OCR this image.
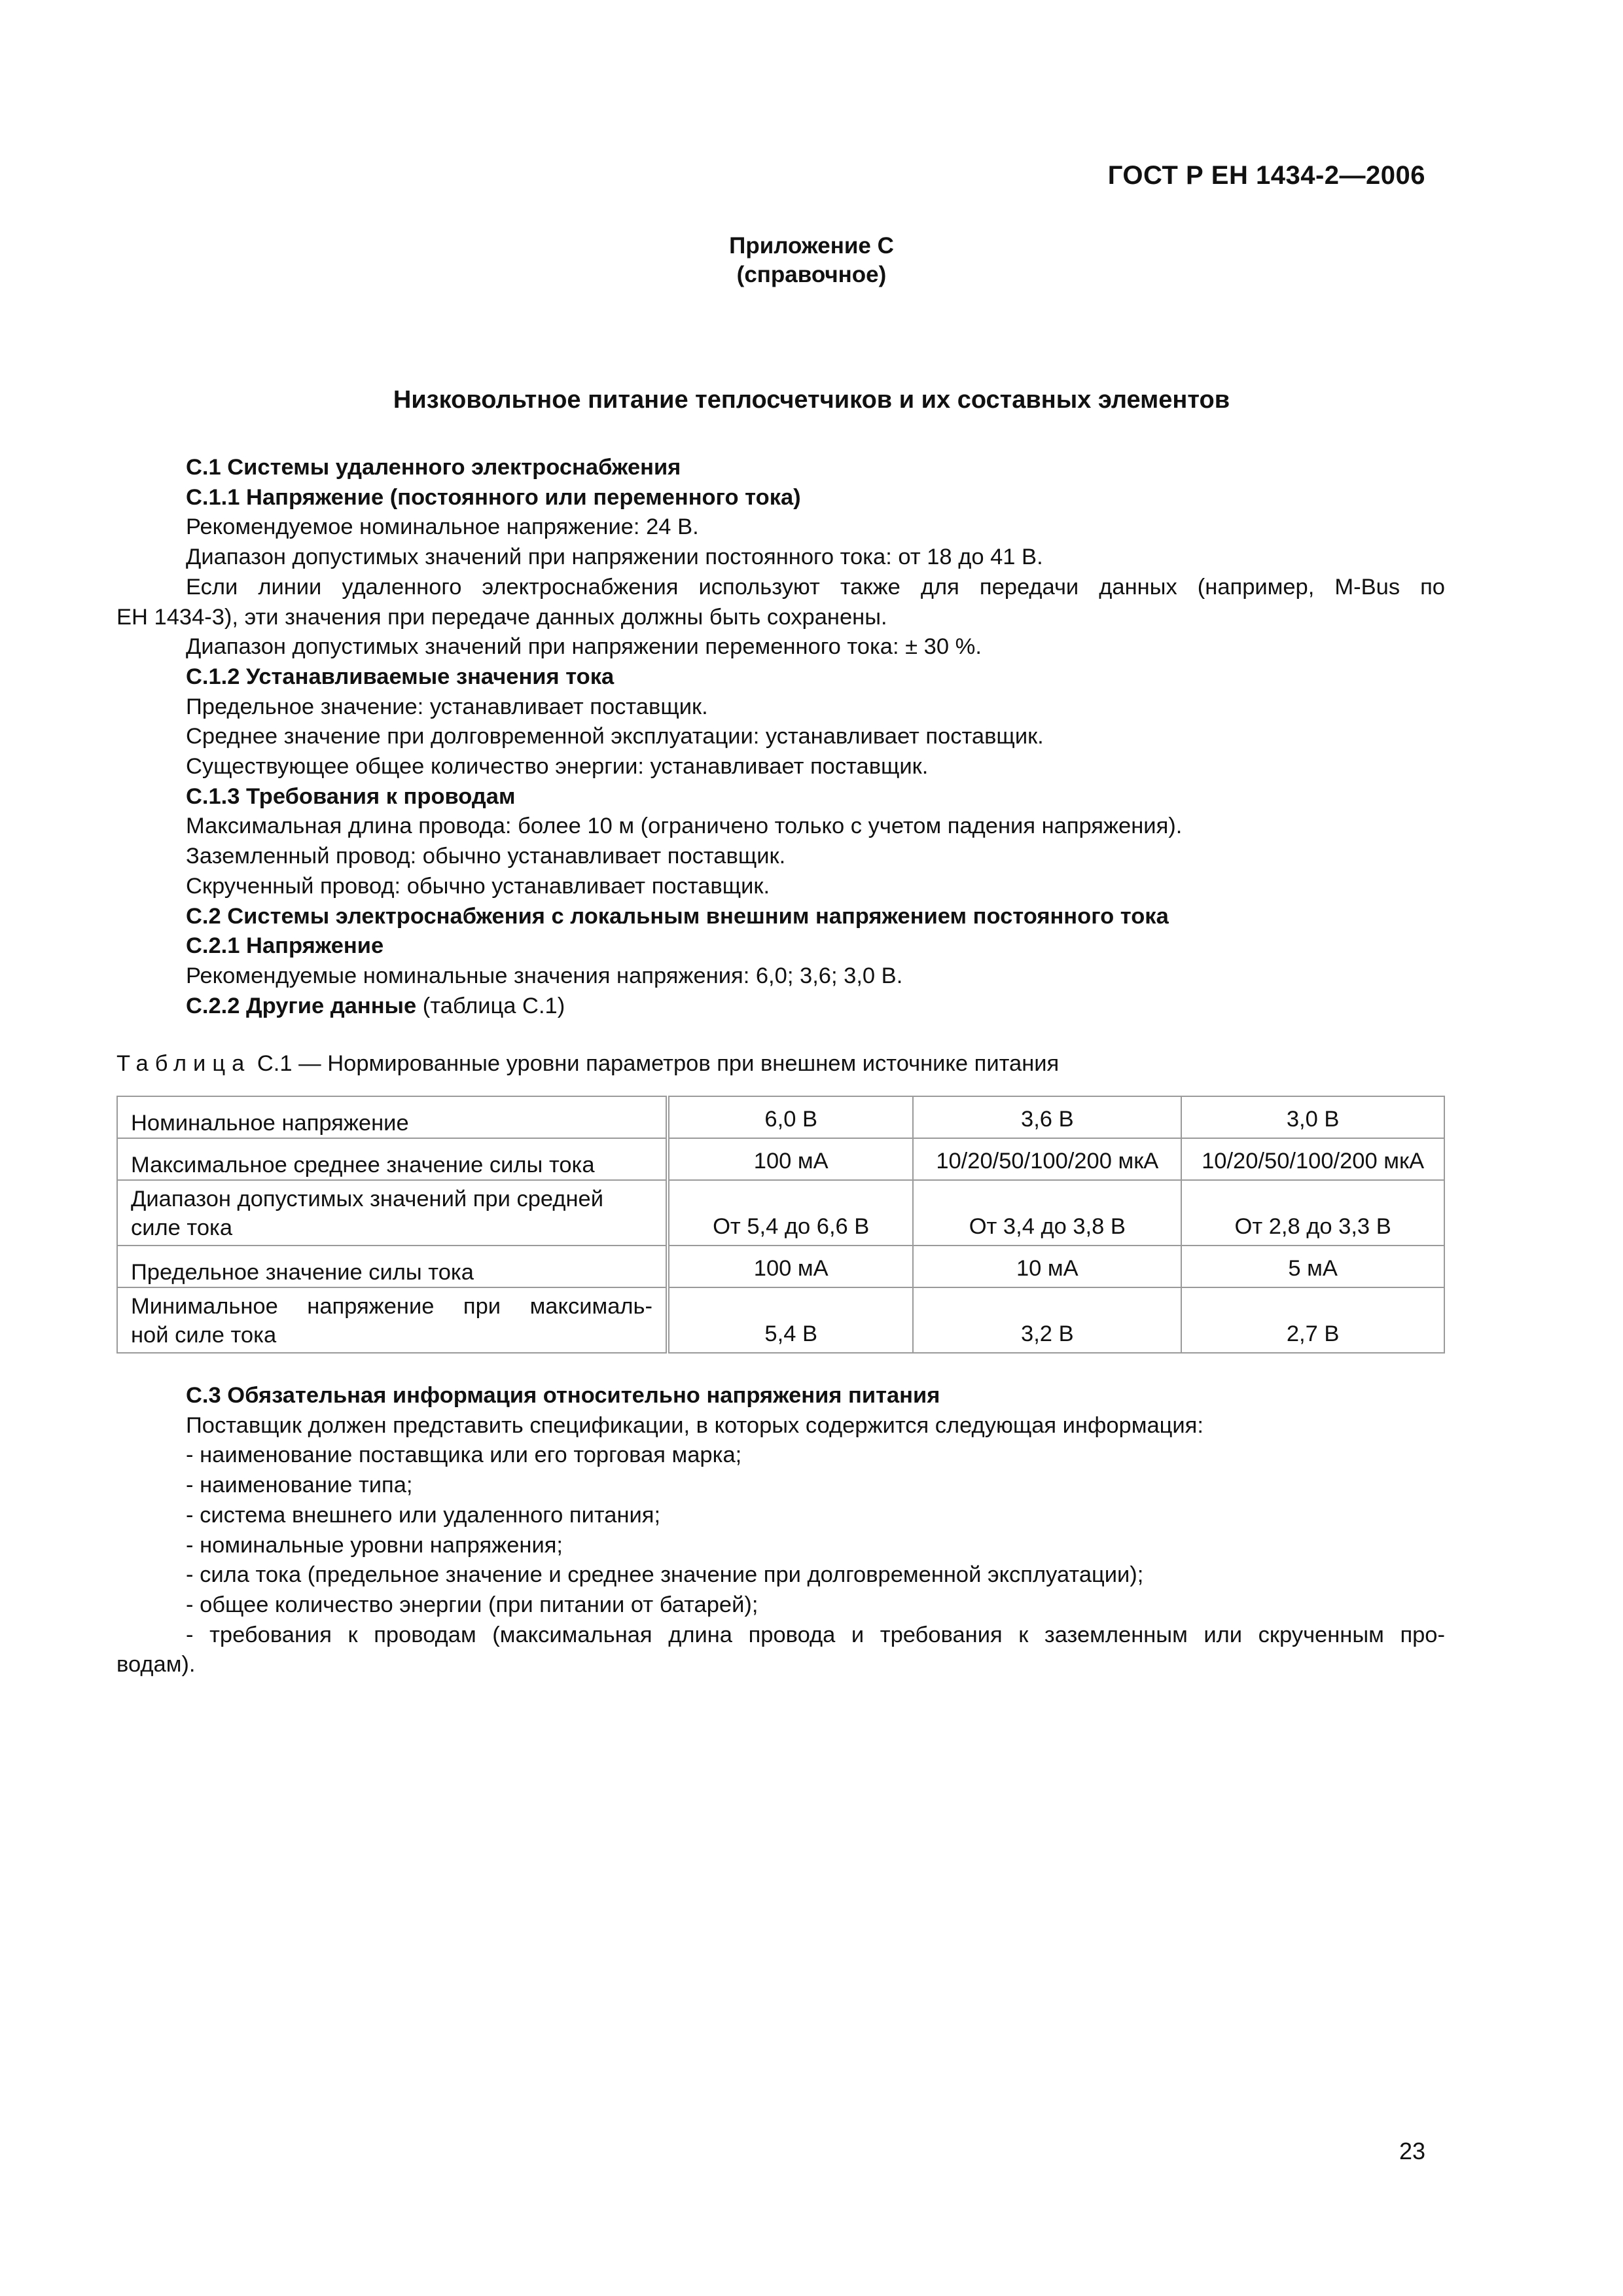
ГОСТ Р ЕН 1434-2—2006
Приложение С
(справочное)
Низковольтное питание теплосчетчиков и их составных элементов
С.1 Системы удаленного электроснабжения
С.1.1 Напряжение (постоянного или переменного тока)
Рекомендуемое номинальное напряжение: 24 В.
Диапазон допустимых значений при напряжении постоянного тока: от 18 до 41 В.
Если линии удаленного электроснабжения используют также для передачи данных (например, M-Bus по
ЕН 1434-3), эти значения при передаче данных должны быть сохранены.
Диапазон допустимых значений при напряжении переменного тока: ± 30 %.
С.1.2 Устанавливаемые значения тока
Предельное значение: устанавливает поставщик.
Среднее значение при долговременной эксплуатации: устанавливает поставщик.
Существующее общее количество энергии: устанавливает поставщик.
С.1.3 Требования к проводам
Максимальная длина провода: более 10 м (ограничено только с учетом падения напряжения).
Заземленный провод: обычно устанавливает поставщик.
Скрученный провод: обычно устанавливает поставщик.
С.2 Системы электроснабжения с локальным внешним напряжением постоянного тока
С.2.1 Напряжение
Рекомендуемые номинальные значения напряжения: 6,0; 3,6; 3,0 В.
С.2.2 Другие данные (таблица С.1)
Таблица С.1 — Нормированные уровни параметров при внешнем источнике питания
Номинальное напряжение	6,0 В	3,6 В	3,0 В
Максимальное среднее значение силы тока	100 мА	10/20/50/100/200 мкА	10/20/50/100/200 мкА

Диапазон допустимых значений при средней
силе тока	От 5,4 до 6,6 В	От 3,4 до 3,8 В	От 2,8 до 3,3 В
Предельное значение силы тока	100 мА	10 мА	5 мА

Минимальное напряжение при максималь-
ной силе тока	5,4 В	3,2 В	2,7 В
С.3 Обязательная информация относительно напряжения питания
Поставщик должен представить спецификации, в которых содержится следующая информация:
- наименование поставщика или его торговая марка;
- наименование типа;
- система внешнего или удаленного питания;
- номинальные уровни напряжения;
- сила тока (предельное значение и среднее значение при долговременной эксплуатации);
- общее количество энергии (при питании от батарей);
- требования к проводам (максимальная длина провода и требования к заземленным или скрученным про-
водам).
23
